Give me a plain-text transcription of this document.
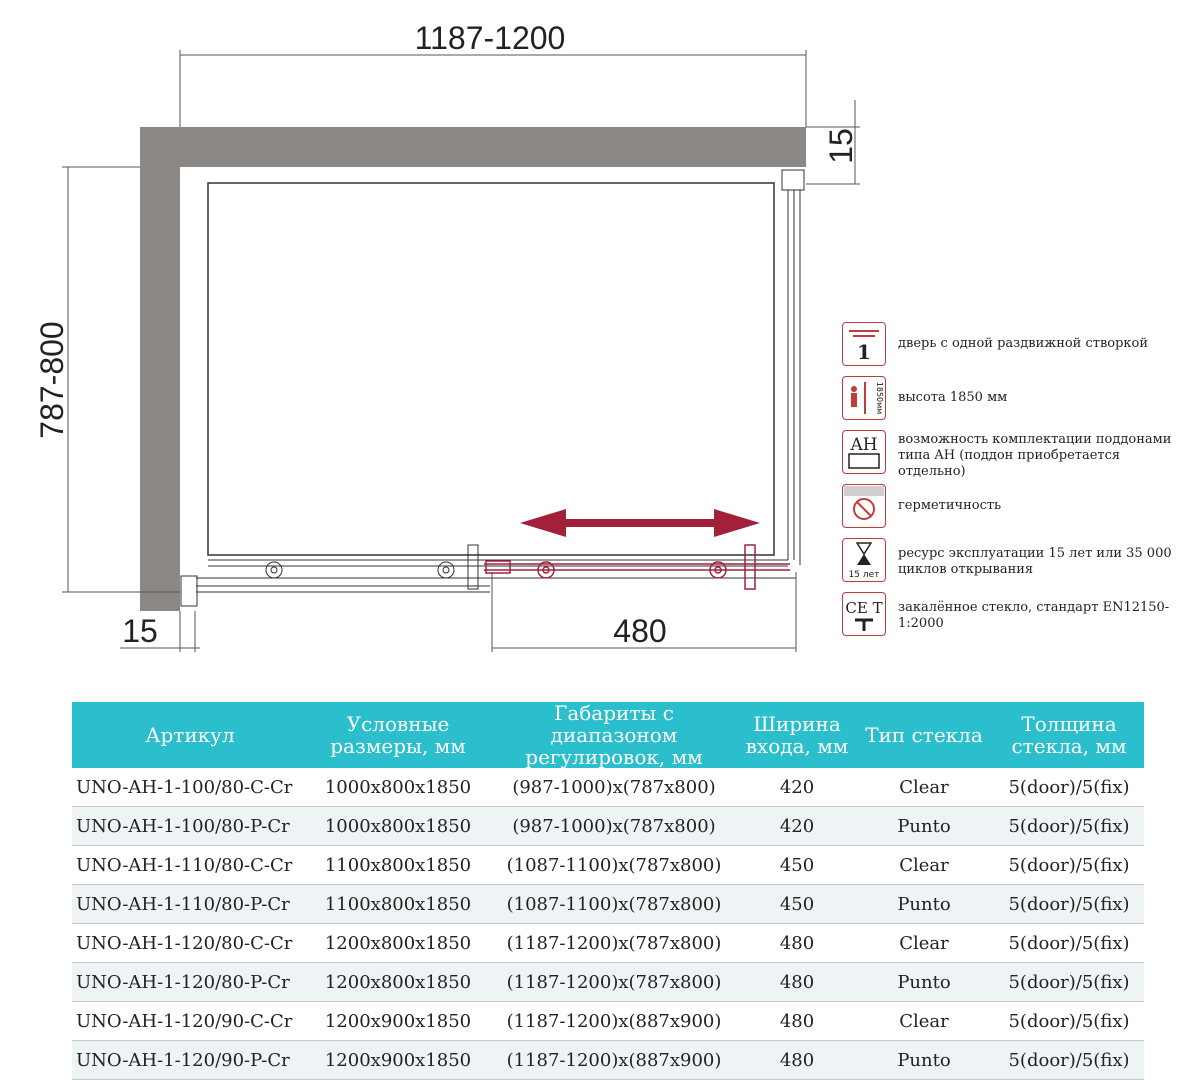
1187-1200
787-800
15
15	480
1 дверь с одной раздвижной створкой
1850мм высота 1850 мм
AH возможность комплектации поддонами типа AH (поддон приобретается отдельно)
герметичность
15 лет
ресурс эксплуатации 15 лет или 35 000 циклов открывания
CE T закалённое стекло, стандарт EN12150-1:2000
Артикул	Условные размеры, мм	Габариты с диапазоном регулировок, мм	Ширина входа, мм	Тип стекла	Толщина стекла, мм
UNO-AH-1-100/80-C-Cr	1000x800x1850	(987-1000)x(787x800)	420	Clear	5(door)/5(fix)
UNO-AH-1-100/80-P-Cr	1000x800x1850	(987-1000)x(787x800)	420	Punto	5(door)/5(fix)
UNO-AH-1-110/80-C-Cr	1100x800x1850	(1087-1100)x(787x800)	450	Clear	5(door)/5(fix)
UNO-AH-1-110/80-P-Cr	1100x800x1850	(1087-1100)x(787x800)	450	Punto	5(door)/5(fix)
UNO-AH-1-120/80-C-Cr	1200x800x1850	(1187-1200)x(787x800)	480	Clear	5(door)/5(fix)
UNO-AH-1-120/80-P-Cr	1200x800x1850	(1187-1200)x(787x800)	480	Punto	5(door)/5(fix)
UNO-AH-1-120/90-C-Cr	1200x900x1850	(1187-1200)x(887x900)	480	Clear	5(door)/5(fix)
UNO-AH-1-120/90-P-Cr	1200x900x1850	(1187-1200)x(887x900)	480	Punto	5(door)/5(fix)
